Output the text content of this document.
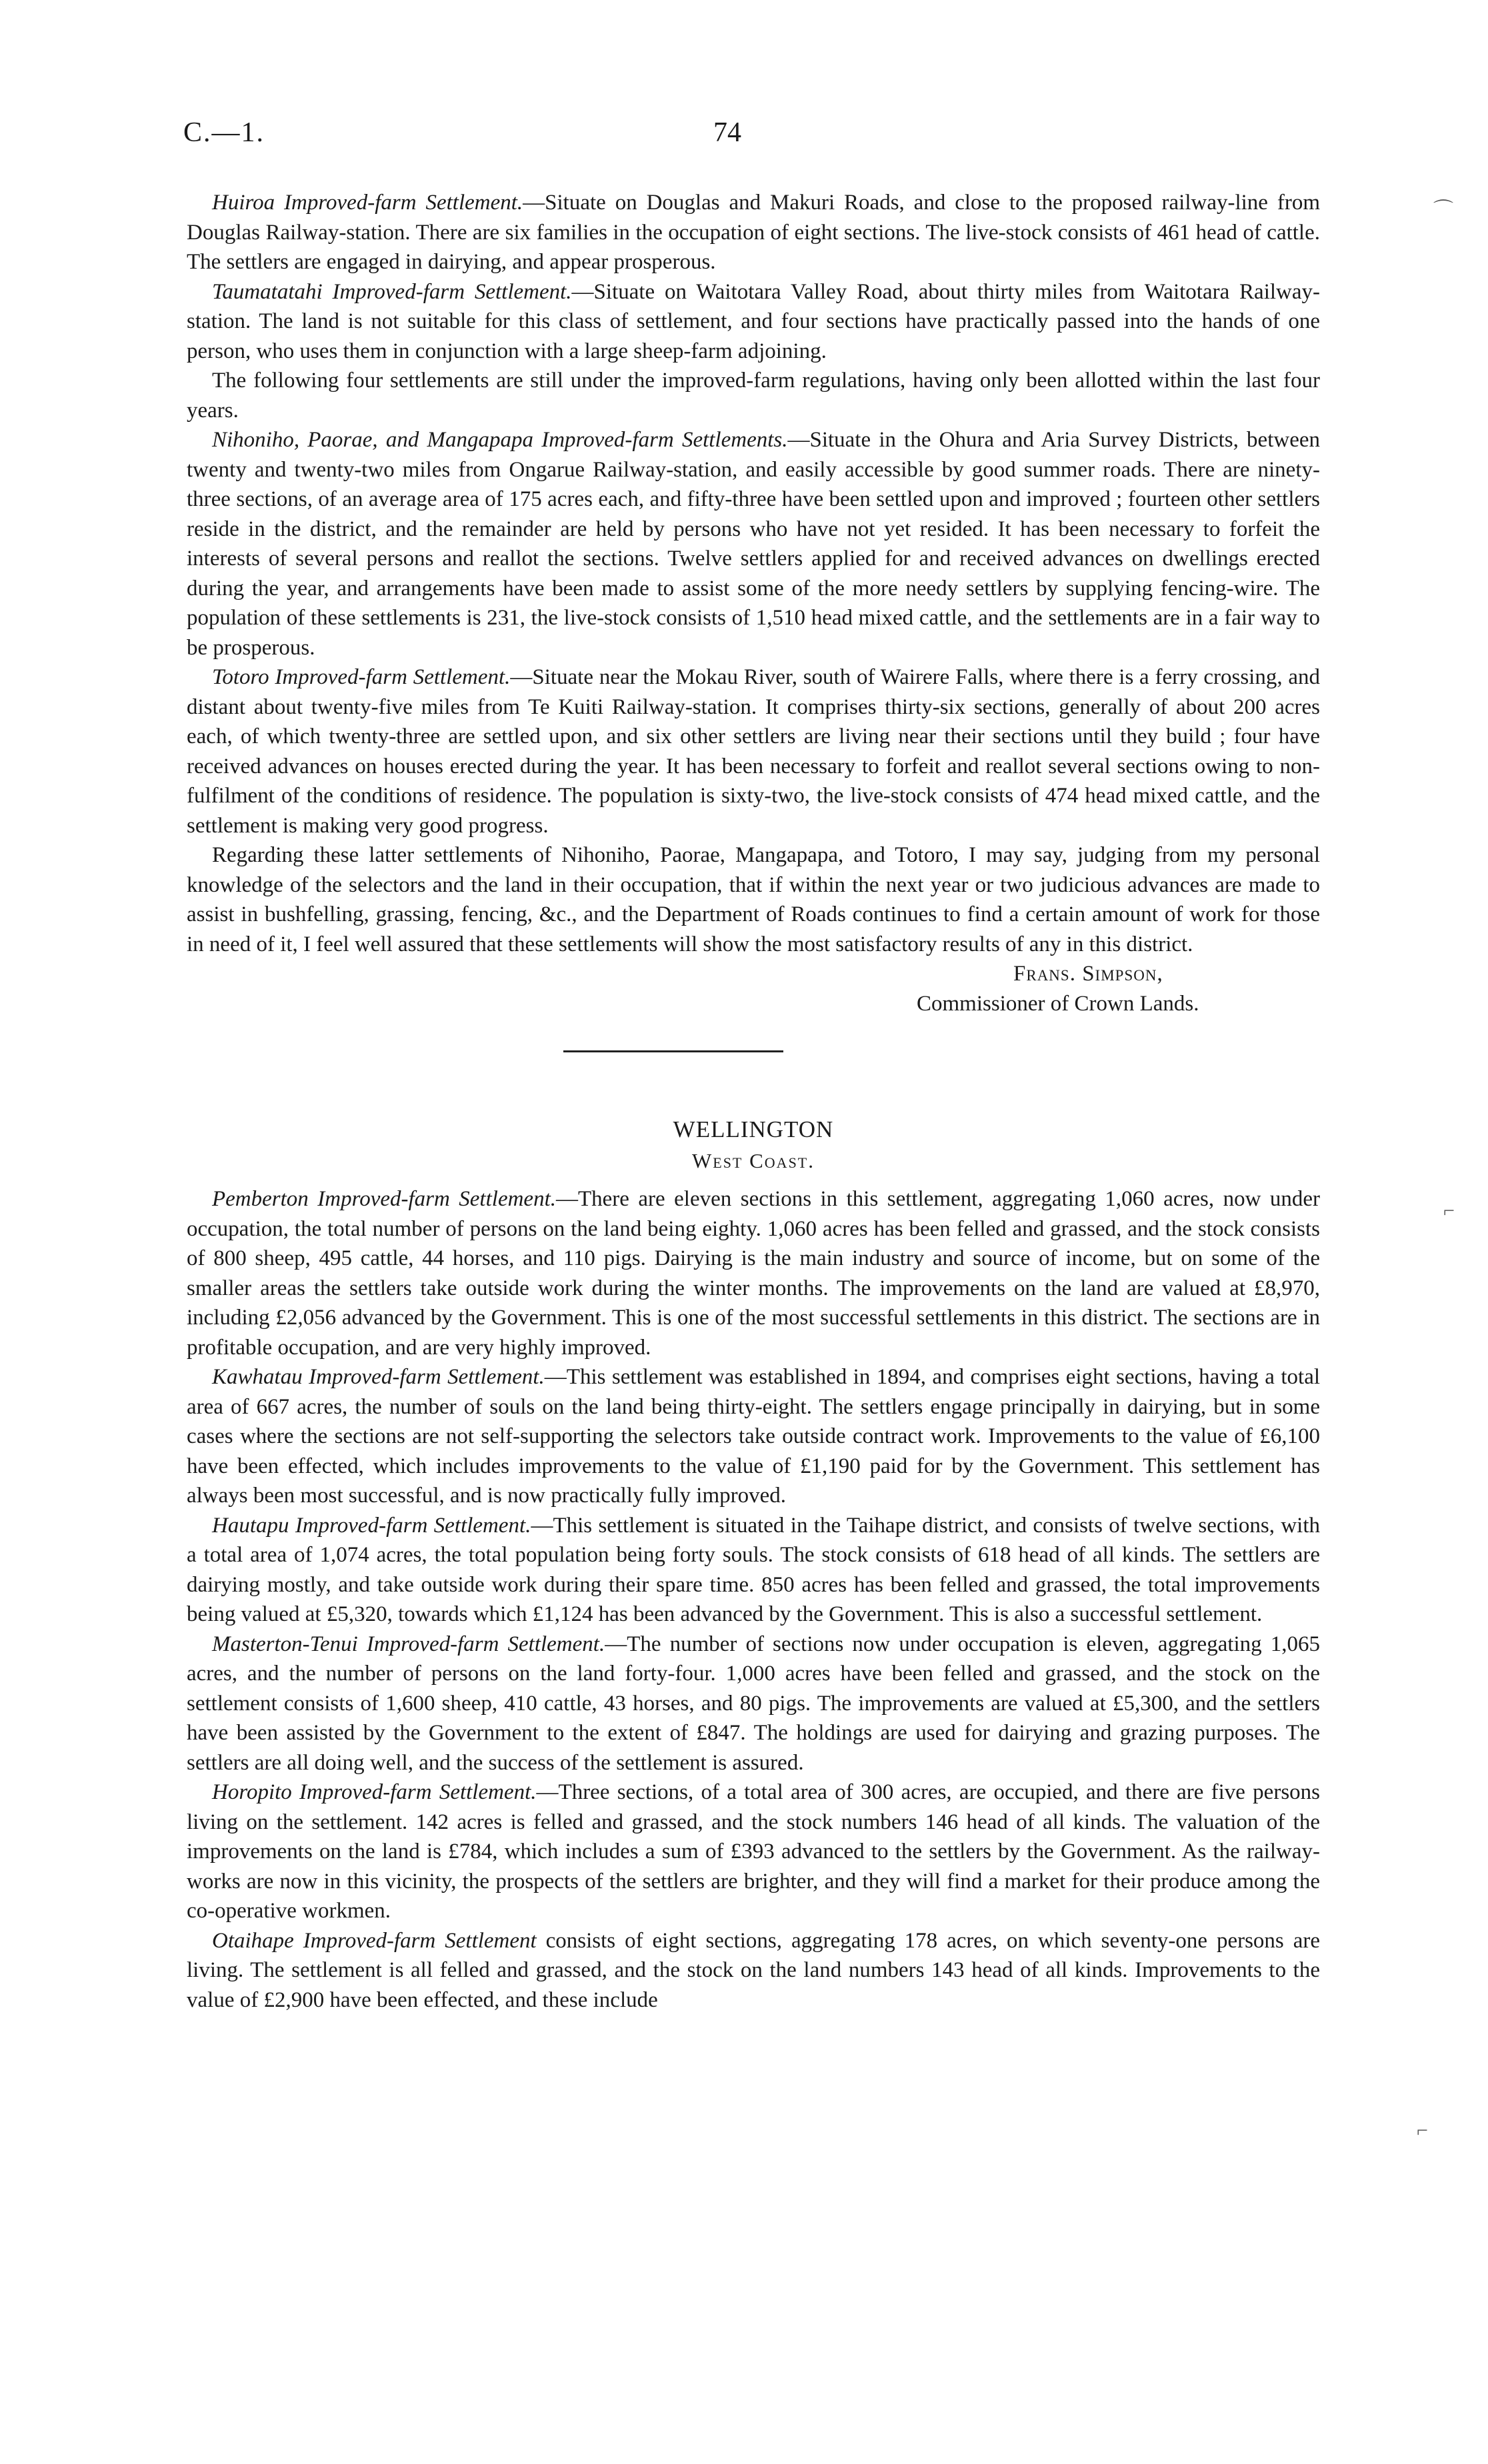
C.—1.	74
⌒
⌐
⌐

Huiroa Improved-farm Settlement.—Situate on Douglas and Makuri Roads, and close to the proposed railway-line from Douglas Railway-station. There are six families in the occupation of eight sections. The live-stock consists of 461 head of cattle. The settlers are engaged in dairying, and appear prosperous.

Taumatatahi Improved-farm Settlement.—Situate on Waitotara Valley Road, about thirty miles from Waitotara Railway-station. The land is not suitable for this class of settlement, and four sections have practically passed into the hands of one person, who uses them in conjunction with a large sheep-farm adjoining.

The following four settlements are still under the improved-farm regulations, having only been allotted within the last four years.

Nihoniho, Paorae, and Mangapapa Improved-farm Settlements.—Situate in the Ohura and Aria Survey Districts, between twenty and twenty-two miles from Ongarue Railway-station, and easily accessible by good summer roads. There are ninety-three sections, of an average area of 175 acres each, and fifty-three have been settled upon and improved ; fourteen other settlers reside in the district, and the remainder are held by persons who have not yet resided. It has been necessary to forfeit the interests of several persons and reallot the sections. Twelve settlers applied for and received advances on dwellings erected during the year, and arrangements have been made to assist some of the more needy settlers by supplying fencing-wire. The population of these settlements is 231, the live-stock consists of 1,510 head mixed cattle, and the settlements are in a fair way to be prosperous.

Totoro Improved-farm Settlement.—Situate near the Mokau River, south of Wairere Falls, where there is a ferry crossing, and distant about twenty-five miles from Te Kuiti Railway-station. It comprises thirty-six sections, generally of about 200 acres each, of which twenty-three are settled upon, and six other settlers are living near their sections until they build ; four have received advances on houses erected during the year. It has been necessary to forfeit and reallot several sections owing to non-fulfilment of the conditions of residence. The population is sixty-two, the live-stock consists of 474 head mixed cattle, and the settlement is making very good progress.

Regarding these latter settlements of Nihoniho, Paorae, Mangapapa, and Totoro, I may say, judging from my personal knowledge of the selectors and the land in their occupation, that if within the next year or two judicious advances are made to assist in bushfelling, grassing, fencing, &c., and the Department of Roads continues to find a certain amount of work for those in need of it, I feel well assured that these settlements will show the most satisfactory results of any in this district.

Frans. Simpson,
Commissioner of Crown Lands.
WELLINGTON
West Coast.

Pemberton Improved-farm Settlement.—There are eleven sections in this settlement, aggregating 1,060 acres, now under occupation, the total number of persons on the land being eighty. 1,060 acres has been felled and grassed, and the stock consists of 800 sheep, 495 cattle, 44 horses, and 110 pigs. Dairying is the main industry and source of income, but on some of the smaller areas the settlers take outside work during the winter months. The improvements on the land are valued at £8,970, including £2,056 advanced by the Government. This is one of the most successful settlements in this district. The sections are in profitable occupation, and are very highly improved.

Kawhatau Improved-farm Settlement.—This settlement was established in 1894, and comprises eight sections, having a total area of 667 acres, the number of souls on the land being thirty-eight. The settlers engage principally in dairying, but in some cases where the sections are not self-supporting the selectors take outside contract work. Improvements to the value of £6,100 have been effected, which includes improvements to the value of £1,190 paid for by the Government. This settlement has always been most successful, and is now practically fully improved.

Hautapu Improved-farm Settlement.—This settlement is situated in the Taihape district, and consists of twelve sections, with a total area of 1,074 acres, the total population being forty souls. The stock consists of 618 head of all kinds. The settlers are dairying mostly, and take outside work during their spare time. 850 acres has been felled and grassed, the total improvements being valued at £5,320, towards which £1,124 has been advanced by the Government. This is also a successful settlement.

Masterton-Tenui Improved-farm Settlement.—The number of sections now under occupation is eleven, aggregating 1,065 acres, and the number of persons on the land forty-four. 1,000 acres have been felled and grassed, and the stock on the settlement consists of 1,600 sheep, 410 cattle, 43 horses, and 80 pigs. The improvements are valued at £5,300, and the settlers have been assisted by the Government to the extent of £847. The holdings are used for dairying and grazing purposes. The settlers are all doing well, and the success of the settlement is assured.

Horopito Improved-farm Settlement.—Three sections, of a total area of 300 acres, are occupied, and there are five persons living on the settlement. 142 acres is felled and grassed, and the stock numbers 146 head of all kinds. The valuation of the improvements on the land is £784, which includes a sum of £393 advanced to the settlers by the Government. As the railway-works are now in this vicinity, the prospects of the settlers are brighter, and they will find a market for their produce among the co-operative workmen.

Otaihape Improved-farm Settlement consists of eight sections, aggregating 178 acres, on which seventy-one persons are living. The settlement is all felled and grassed, and the stock on the land numbers 143 head of all kinds. Improvements to the value of £2,900 have been effected, and these include
